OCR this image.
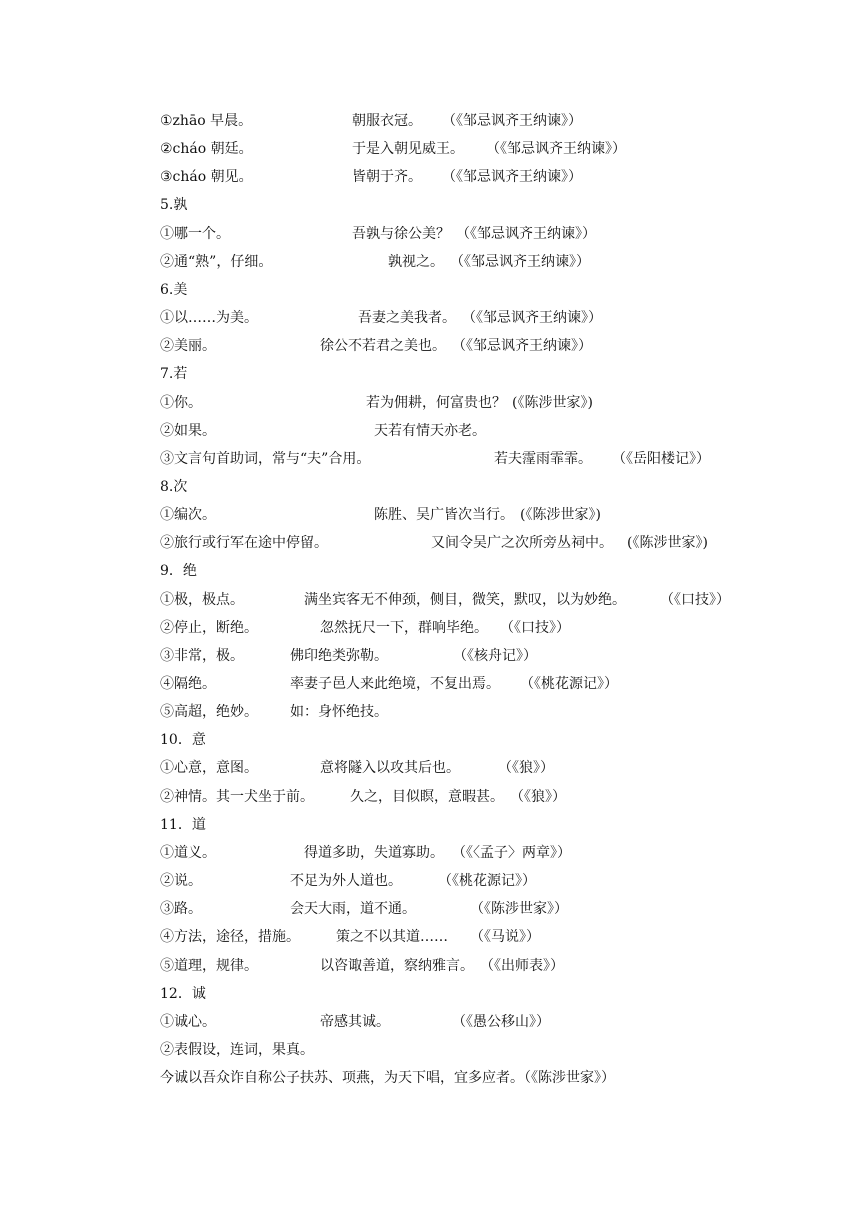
①zhāo 早晨。	朝服衣冠。 （《邹忌讽齐王纳谏》）
②cháo 朝廷。	于是入朝见威王。 （《邹忌讽齐王纳谏》）
③cháo 朝见。	皆朝于齐。 （《邹忌讽齐王纳谏》）
5.孰
①哪一个。	吾孰与徐公美？ （《邹忌讽齐王纳谏》）
②通“熟”，仔细。	孰视之。 （《邹忌讽齐王纳谏》）
6.美
①以……为美。	吾妻之美我者。 （《邹忌讽齐王纳谏》）
②美丽。	徐公不若君之美也。 （《邹忌讽齐王纳谏》）
7.若
①你。	若为佣耕，何富贵也？ (《陈涉世家》)
②如果。	天若有情天亦老。
③文言句首助词，常与“夫”合用。	若夫霪雨霏霏。 （《岳阳楼记》）
8.次
①编次。	陈胜、吴广皆次当行。 (《陈涉世家》)
②旅行或行军在途中停留。	又间令吴广之次所旁丛祠中。 (《陈涉世家》)
9．绝
①极，极点。	满坐宾客无不伸颈，侧目，微笑，默叹，以为妙绝。 （《口技》）
②停止，断绝。	忽然抚尺一下，群响毕绝。 （《口技》）
③非常，极。	佛印绝类弥勒。	（《核舟记》）
④隔绝。	率妻子邑人来此绝境，不复出焉。 （《桃花源记》）
⑤高超，绝妙。 如：身怀绝技。
10．意
①心意，意图。	意将隧入以攻其后也。	（《狼》）
②神情。其一犬坐于前。	久之，目似瞑，意暇甚。 （《狼》）
11．道
①道义。	得道多助，失道寡助。 （《〈孟子〉两章》）
②说。	不足为外人道也。	（《桃花源记》）
③路。	会天大雨，道不通。	（《陈涉世家》）
④方法，途径，措施。	策之不以其道…… （《马说》）
⑤道理，规律。	以咨诹善道，察纳雅言。 （《出师表》）
12．诚
①诚心。	帝感其诚。	（《愚公移山》）
②表假设，连词，果真。
今诚以吾众诈自称公子扶苏、项燕，为天下唱，宜多应者。（《陈涉世家》）
